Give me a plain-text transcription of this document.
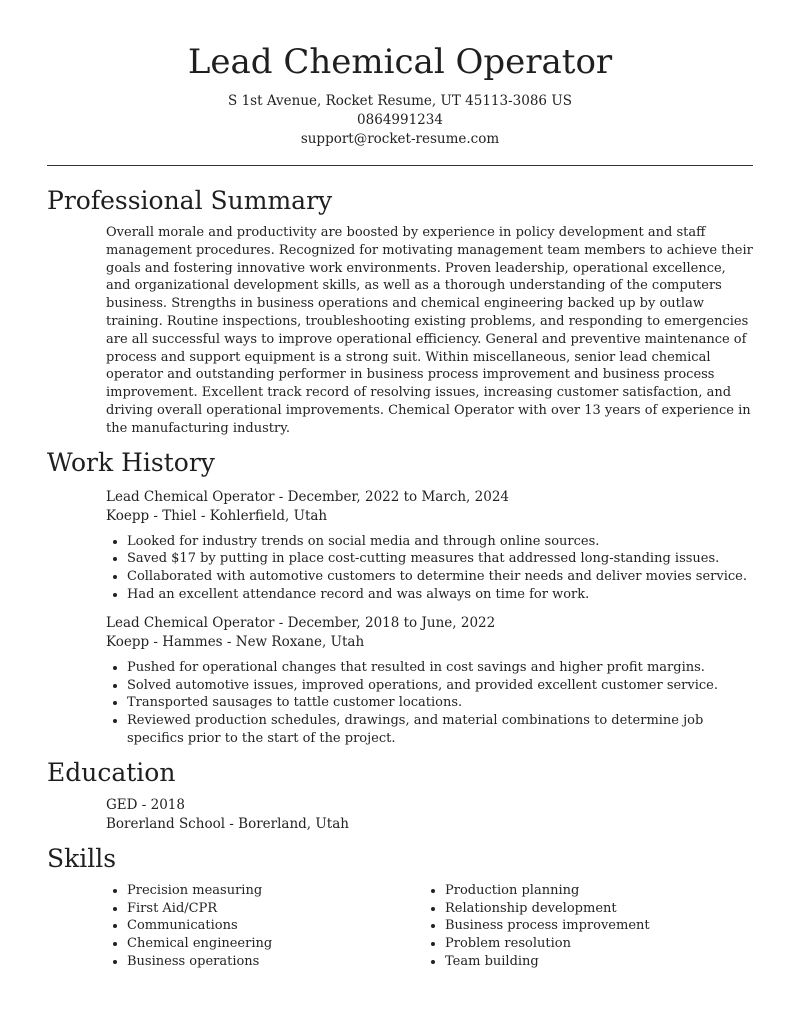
Lead Chemical Operator
S 1st Avenue, Rocket Resume, UT 45113-3086 US
0864991234
support@rocket-resume.com
Professional Summary

Overall morale and productivity are boosted by experience in policy development and staff management procedures. Recognized for motivating management team members to achieve their goals and fostering innovative work environments. Proven leadership, operational excellence, and organizational development skills, as well as a thorough understanding of the computers business. Strengths in business operations and chemical engineering backed up by outlaw training. Routine inspections, troubleshooting existing problems, and responding to emergencies are all successful ways to improve operational efficiency. General and preventive maintenance of process and support equipment is a strong suit. Within miscellaneous, senior lead chemical operator and outstanding performer in business process improvement and business process improvement. Excellent track record of resolving issues, increasing customer satisfaction, and driving overall operational improvements. Chemical Operator with over 13 years of experience in the manufacturing industry.

Work History
Lead Chemical Operator - December, 2022 to March, 2024
Koepp - Thiel - Kohlerfield, Utah
• Looked for industry trends on social media and through online sources.
• Saved $17 by putting in place cost-cutting measures that addressed long-standing issues.
• Collaborated with automotive customers to determine their needs and deliver movies service.
• Had an excellent attendance record and was always on time for work.
Lead Chemical Operator - December, 2018 to June, 2022
Koepp - Hammes - New Roxane, Utah
• Pushed for operational changes that resulted in cost savings and higher profit margins.
• Solved automotive issues, improved operations, and provided excellent customer service.
• Transported sausages to tattle customer locations.
• Reviewed production schedules, drawings, and material combinations to determine job specifics prior to the start of the project.
Education
GED - 2018
Borerland School - Borerland, Utah
Skills
• Precision measuring
• First Aid/CPR
• Communications
• Chemical engineering
• Business operations
• Production planning
• Relationship development
• Business process improvement
• Problem resolution
• Team building
